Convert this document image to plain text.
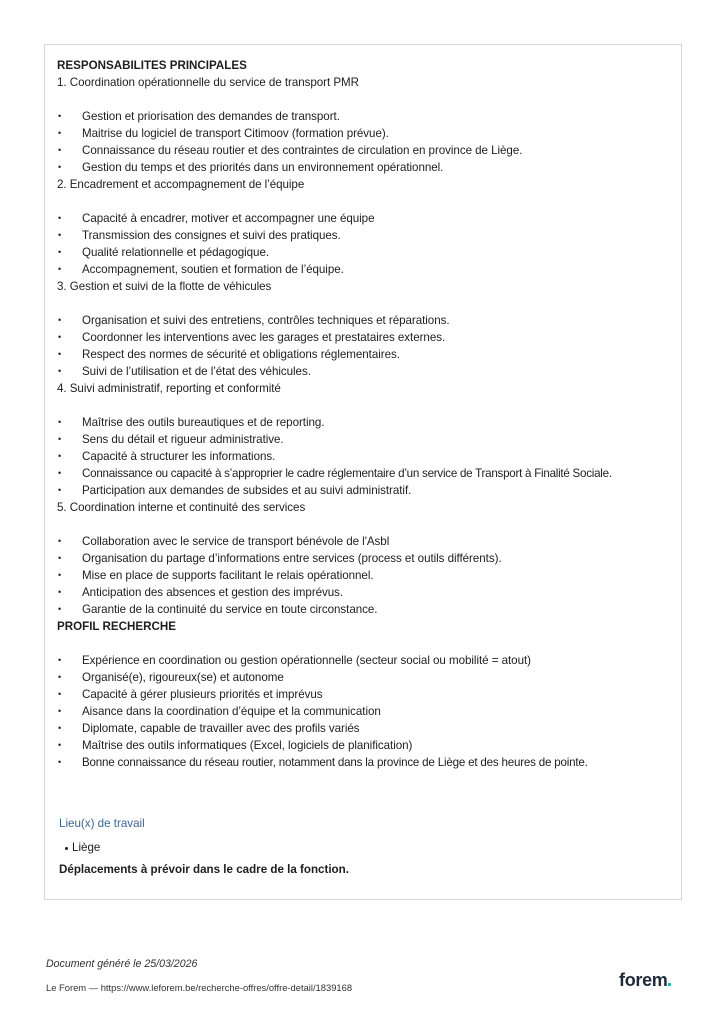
RESPONSABILITES PRINCIPALES
1. Coordination opérationnelle du service de transport PMR
•	Gestion et priorisation des demandes de transport.
•	Maitrise du logiciel de transport Citimoov (formation prévue).
•	Connaissance du réseau routier et des contraintes de circulation en province de Liège.
•	Gestion du temps et des priorités dans un environnement opérationnel.
2. Encadrement et accompagnement de l’équipe
•	Capacité à encadrer, motiver et accompagner une équipe
•	Transmission des consignes et suivi des pratiques.
•	Qualité relationnelle et pédagogique.
•	Accompagnement, soutien et formation de l’équipe.
3. Gestion et suivi de la flotte de véhicules
•	Organisation et suivi des entretiens, contrôles techniques et réparations.
•	Coordonner les interventions avec les garages et prestataires externes.
•	Respect des normes de sécurité et obligations réglementaires.
•	Suivi de l’utilisation et de l’état des véhicules.
4. Suivi administratif, reporting et conformité
•	Maîtrise des outils bureautiques et de reporting.
•	Sens du détail et rigueur administrative.
•	Capacité à structurer les informations.
•	Connaissance ou capacité à s’approprier le cadre réglementaire d’un service de Transport à Finalité Sociale.
•	Participation aux demandes de subsides et au suivi administratif.
5. Coordination interne et continuité des services
•	Collaboration avec le service de transport bénévole de l'Asbl
•	Organisation du partage d’informations entre services (process et outils différents).
•	Mise en place de supports facilitant le relais opérationnel.
•	Anticipation des absences et gestion des imprévus.
•	Garantie de la continuité du service en toute circonstance.
PROFIL RECHERCHE
•	Expérience en coordination ou gestion opérationnelle (secteur social ou mobilité = atout)
•	Organisé(e), rigoureux(se) et autonome
•	Capacité à gérer plusieurs priorités et imprévus
•	Aisance dans la coordination d’équipe et la communication
•	Diplomate, capable de travailler avec des profils variés
•	Maîtrise des outils informatiques (Excel, logiciels de planification)
•	Bonne connaissance du réseau routier, notamment dans la province de Liège et des heures de pointe.
Lieu(x) de travail
Liège
Déplacements à prévoir dans le cadre de la fonction.
Document généré le 25/03/2026
Le Forem — https://www.leforem.be/recherche-offres/offre-detail/1839168	forem
